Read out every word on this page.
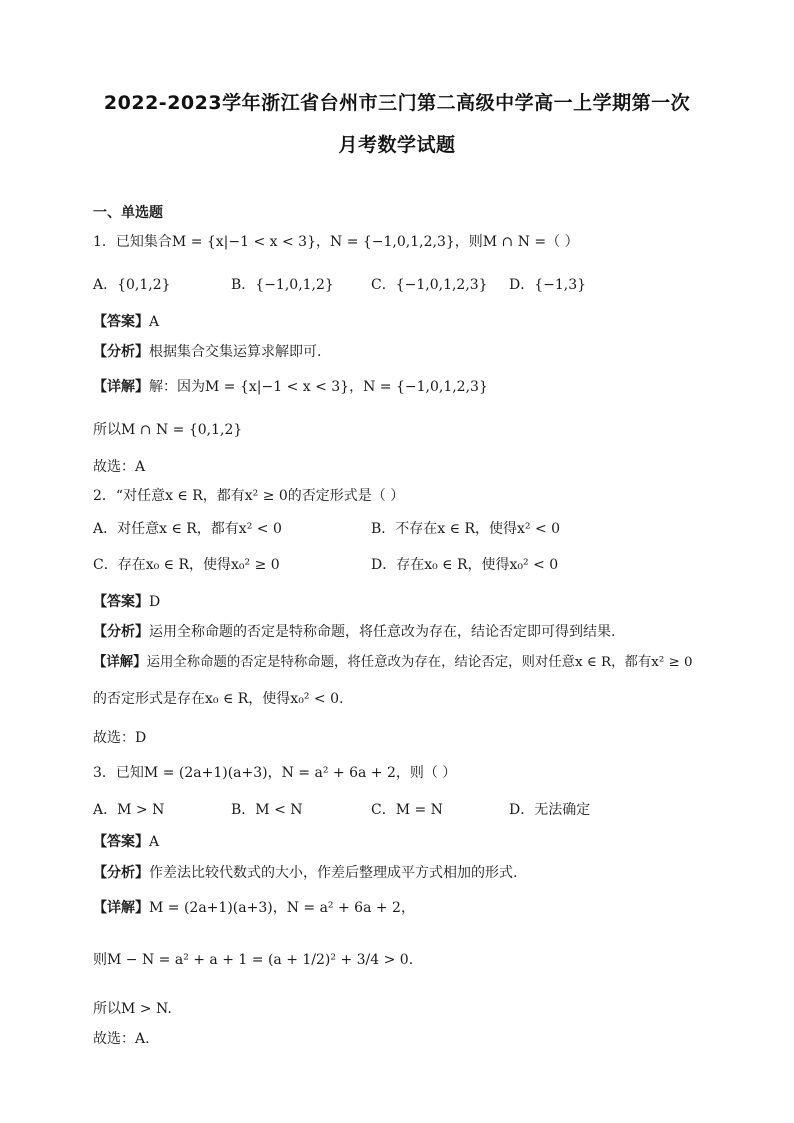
2022-2023学年浙江省台州市三门第二高级中学高一上学期第一次
月考数学试题
一、单选题
1．已知集合M = {x|−1 < x < 3}，N = {−1,0,1,2,3}，则M ∩ N =（ ）
A．{0,1,2}	B．{−1,0,1,2}	C．{−1,0,1,2,3} D．{−1,3}
【答案】A
【分析】根据集合交集运算求解即可.
【详解】解：因为M = {x|−1 < x < 3}，N = {−1,0,1,2,3}
所以M ∩ N = {0,1,2}
故选：A
2．“对任意x ∈ R，都有x² ≥ 0的否定形式是（ ）
A．对任意x ∈ R，都有x² < 0	B．不存在x ∈ R，使得x² < 0
C．存在x₀ ∈ R，使得x₀² ≥ 0	D．存在x₀ ∈ R，使得x₀² < 0
【答案】D
【分析】运用全称命题的否定是特称命题，将任意改为存在，结论否定即可得到结果.
【详解】运用全称命题的否定是特称命题，将任意改为存在，结论否定，则对任意x ∈ R，都有x² ≥ 0
的否定形式是存在x₀ ∈ R，使得x₀² < 0.
故选：D
3．已知M = (2a+1)(a+3)，N = a² + 6a + 2，则（ ）
A．M > N	B．M < N	C．M = N	D．无法确定
【答案】A
【分析】作差法比较代数式的大小，作差后整理成平方式相加的形式.
【详解】M = (2a+1)(a+3)，N = a² + 6a + 2，
则M − N = a² + a + 1 = (a + 1/2)² + 3/4 > 0.
所以M > N.
故选：A.
